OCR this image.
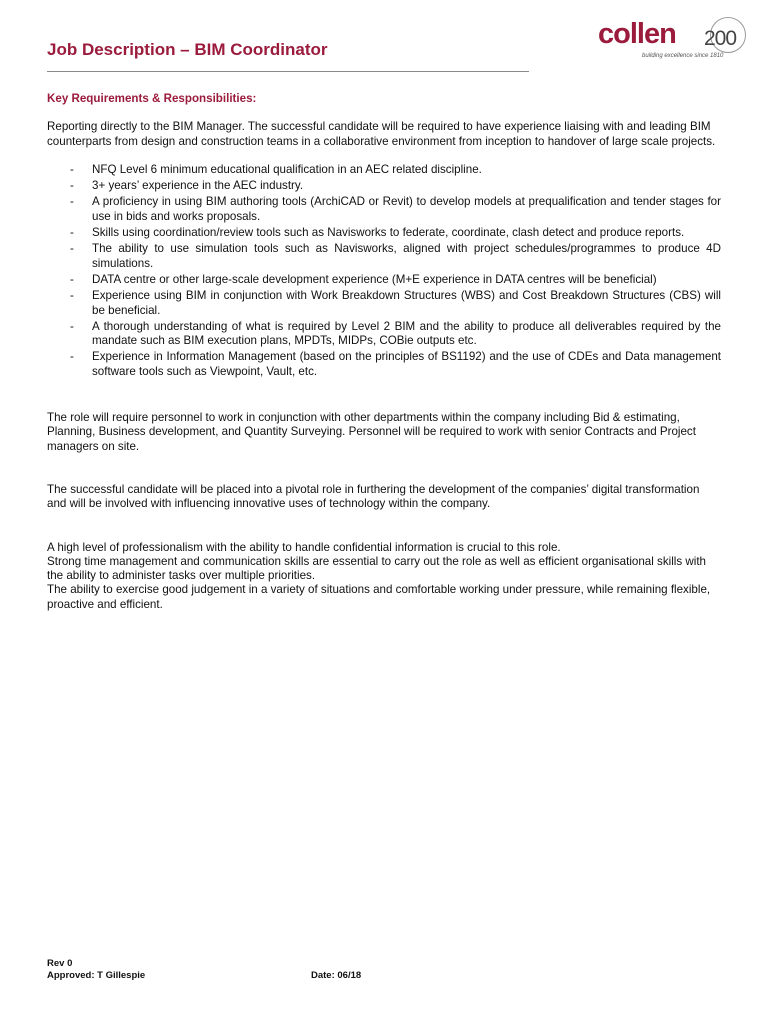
Job Description – BIM Coordinator	collen 200
building excellence since 1810

Key Requirements & Responsibilities:

Reporting directly to the BIM Manager. The successful candidate will be required to have experience liaising with and leading BIM counterparts from design and construction teams in a collaborative environment from inception to handover of large scale projects.

- NFQ Level 6 minimum educational qualification in an AEC related discipline.
- 3+ years’ experience in the AEC industry.
- A proficiency in using BIM authoring tools (ArchiCAD or Revit) to develop models at prequalification and tender stages for use in bids and works proposals.
- Skills using coordination/review tools such as Navisworks to federate, coordinate, clash detect and produce reports.
- The ability to use simulation tools such as Navisworks, aligned with project schedules/programmes to produce 4D simulations.
- DATA centre or other large-scale development experience (M+E experience in DATA centres will be beneficial)
- Experience using BIM in conjunction with Work Breakdown Structures (WBS) and Cost Breakdown Structures (CBS) will be beneficial.
- A thorough understanding of what is required by Level 2 BIM and the ability to produce all deliverables required by the mandate such as BIM execution plans, MPDTs, MIDPs, COBie outputs etc.
- Experience in Information Management (based on the principles of BS1192) and the use of CDEs and Data management software tools such as Viewpoint, Vault, etc.

The role will require personnel to work in conjunction with other departments within the company including Bid & estimating, Planning, Business development, and Quantity Surveying. Personnel will be required to work with senior Contracts and Project managers on site.

The successful candidate will be placed into a pivotal role in furthering the development of the companies’ digital transformation and will be involved with influencing innovative uses of technology within the company.

A high level of professionalism with the ability to handle confidential information is crucial to this role.

Strong time management and communication skills are essential to carry out the role as well as efficient organisational skills with the ability to administer tasks over multiple priorities.

The ability to exercise good judgement in a variety of situations and comfortable working under pressure, while remaining flexible, proactive and efficient.

Rev 0
Approved: T Gillespie	Date: 06/18
